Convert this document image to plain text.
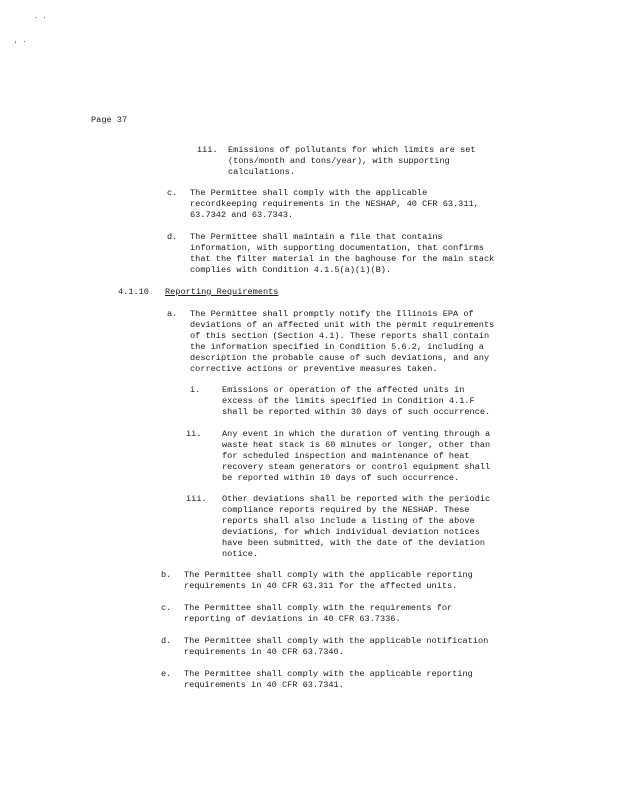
. .
, .
Page 37
iii. Emissions of pollutants for which limits are set
(tons/month and tons/year), with supporting
calculations.
c. The Permittee shall comply with the applicable
recordkeeping requirements in the NESHAP, 40 CFR 63.311,
63.7342 and 63.7343.
d. The Permittee shall maintain a file that contains
information, with supporting documentation, that confirms
that the filter material in the baghouse for the main stack
complies with Condition 4.1.5(a)(i)(B).
4.1.10 Reporting Requirements
a. The Permittee shall promptly notify the Illinois EPA of
deviations of an affected unit with the permit requirements
of this section (Section 4.1). These reports shall contain
the information specified in Condition 5.6.2, including a
description the probable cause of such deviations, and any
corrective actions or preventive measures taken.
i.	Emissions or operation of the affected units in
excess of the limits specified in Condition 4.1.F
shall be reported within 30 days of such occurrence.
ii. Any event in which the duration of venting through a
waste heat stack is 60 minutes or longer, other than
for scheduled inspection and maintenance of heat
recovery steam generators or control equipment shall
be reported within 10 days of such occurrence.
iii. Other deviations shall be reported with the periodic
compliance reports required by the NESHAP. These
reports shall also include a listing of the above
deviations, for which individual deviation notices
have been submitted, with the date of the deviation
notice.
b. The Permittee shall comply with the applicable reporting
requirements in 40 CFR 63.311 for the affected units.
c. The Permittee shall comply with the requirements for
reporting of deviations in 40 CFR 63.7336.
d. The Permittee shall comply with the applicable notification
requirements in 40 CFR 63.7340.
e. The Permittee shall comply with the applicable reporting
requirements in 40 CFR 63.7341.
